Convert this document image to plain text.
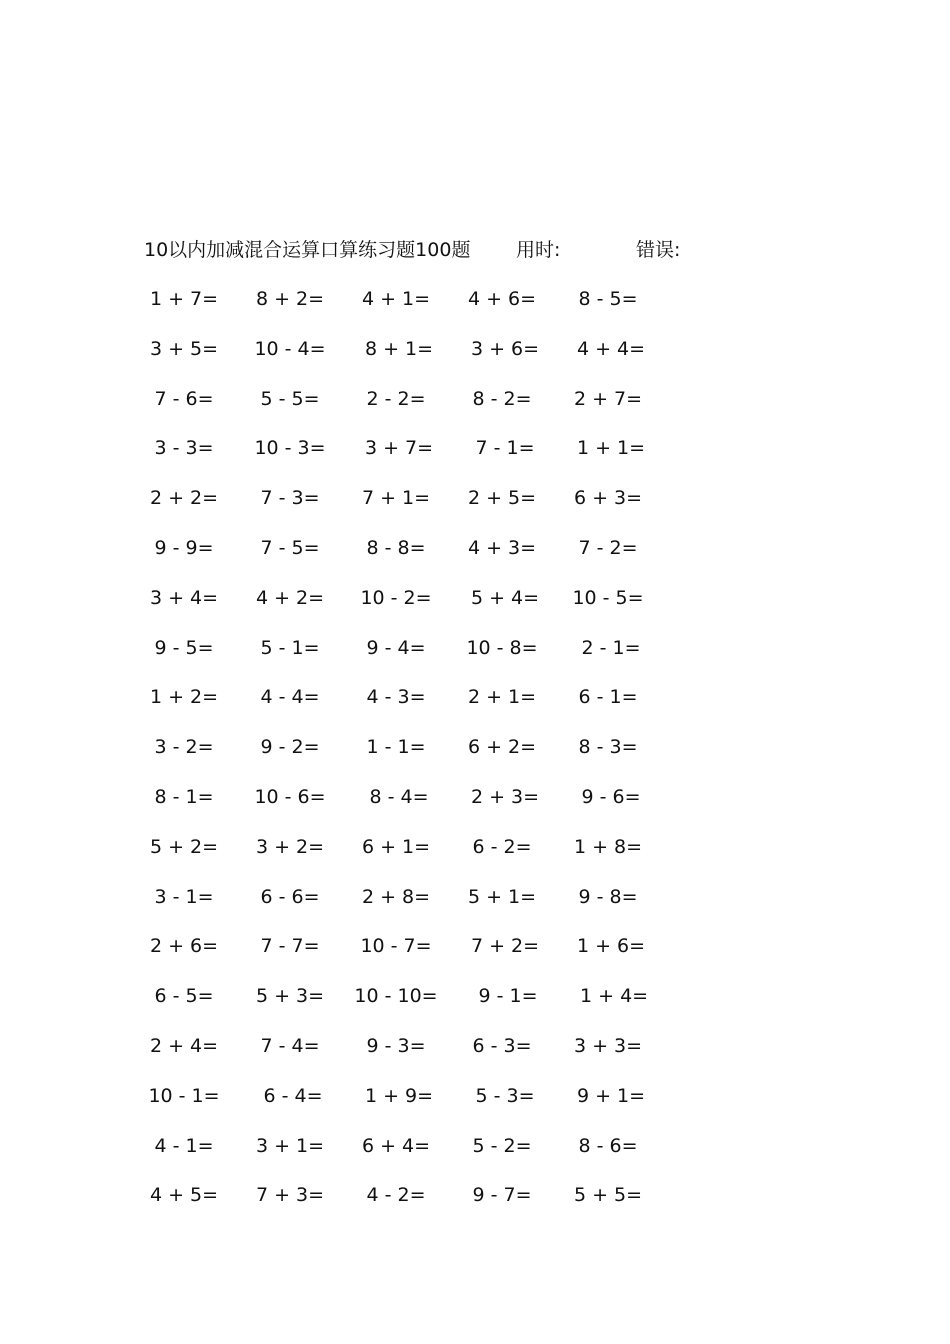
10以内加减混合运算口算练习题100题 用时:	错误:
1 + 7=	8 + 2=	4 + 1=	4 + 6=	8 - 5=
3 + 5=	10 - 4=	8 + 1=	3 + 6=	4 + 4=
7 - 6=	5 - 5=	2 - 2=	8 - 2=	2 + 7=
3 - 3=	10 - 3=	3 + 7=	7 - 1=	1 + 1=
2 + 2=	7 - 3=	7 + 1=	2 + 5=	6 + 3=
9 - 9=	7 - 5=	8 - 8=	4 + 3=	7 - 2=
3 + 4=	4 + 2=	10 - 2=	5 + 4=	10 - 5=
9 - 5=	5 - 1=	9 - 4=	10 - 8=	2 - 1=
1 + 2=	4 - 4=	4 - 3=	2 + 1=	6 - 1=
3 - 2=	9 - 2=	1 - 1=	6 + 2=	8 - 3=
8 - 1=	10 - 6=	8 - 4=	2 + 3=	9 - 6=
5 + 2=	3 + 2=	6 + 1=	6 - 2=	1 + 8=
3 - 1=	6 - 6=	2 + 8=	5 + 1=	9 - 8=
2 + 6=	7 - 7=	10 - 7=	7 + 2=	1 + 6=
6 - 5=	5 + 3=	10 - 10=	9 - 1=	1 + 4=
2 + 4=	7 - 4=	9 - 3=	6 - 3=	3 + 3=
10 - 1=	6 - 4=	1 + 9=	5 - 3=	9 + 1=
4 - 1=	3 + 1=	6 + 4=	5 - 2=	8 - 6=
4 + 5=	7 + 3=	4 - 2=	9 - 7=	5 + 5=
